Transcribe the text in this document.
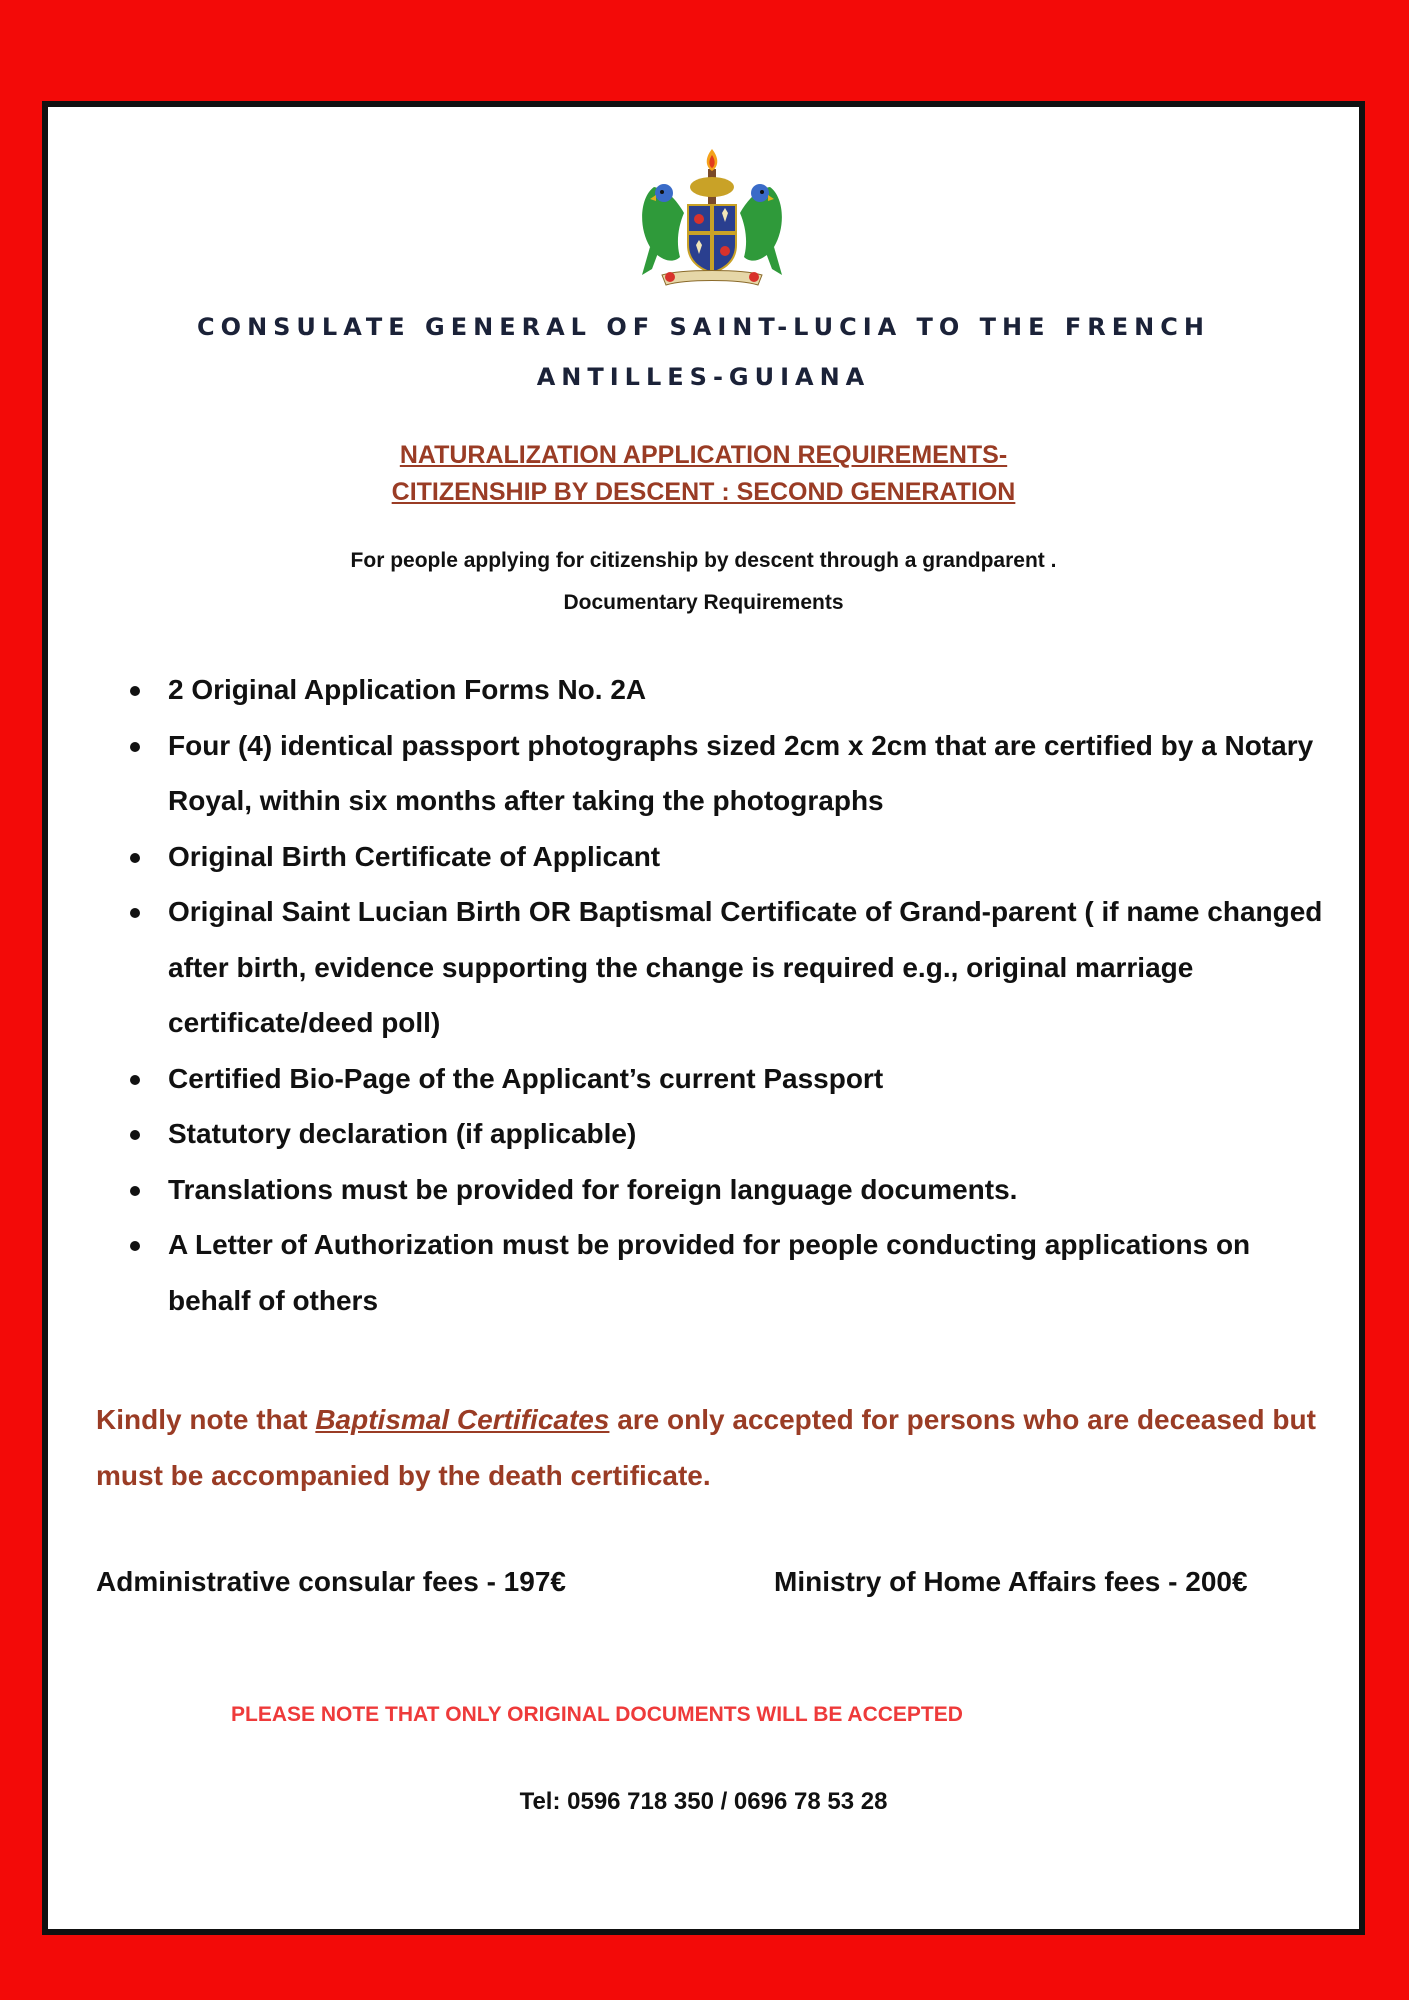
CONSULATE GENERAL OF SAINT-LUCIA TO THE FRENCH
ANTILLES-GUIANA
NATURALIZATION APPLICATION REQUIREMENTS-
CITIZENSHIP BY DESCENT : SECOND GENERATION
For people applying for citizenship by descent through a grandparent .
Documentary Requirements
2 Original Application Forms No. 2A
Four (4) identical passport photographs sized 2cm x 2cm that are certified by a Notary Royal, within six months after taking the photographs
Original Birth Certificate of Applicant
Original Saint Lucian Birth OR Baptismal Certificate of Grand-parent ( if name changed after birth, evidence supporting the change is required e.g., original marriage certificate/deed poll)
Certified Bio-Page of the Applicant’s current Passport
Statutory declaration (if applicable)
Translations must be provided for foreign language documents.
A Letter of Authorization must be provided for people conducting applications on behalf of others
Kindly note that Baptismal Certificates are only accepted for persons who are deceased but must be accompanied by the death certificate.
Administrative consular fees - 197€	Ministry of Home Affairs fees - 200€
PLEASE NOTE THAT ONLY ORIGINAL DOCUMENTS WILL BE ACCEPTED
Tel: 0596 718 350 / 0696 78 53 28
